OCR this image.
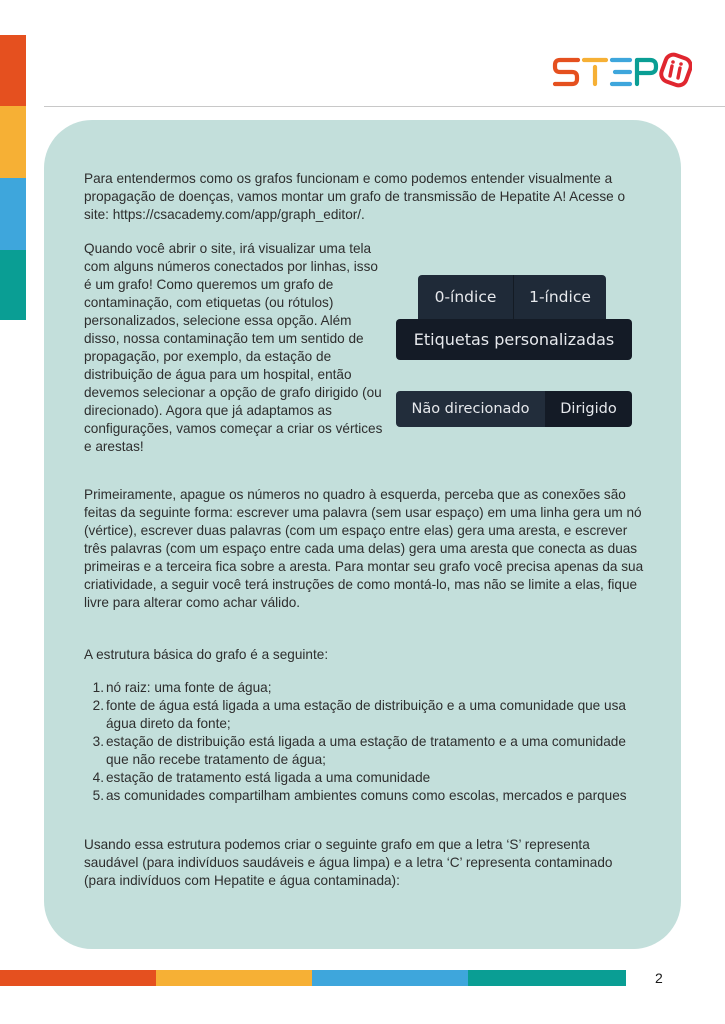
Para entendermos como os grafos funcionam e como podemos entender visualmente a propagação de doenças, vamos montar um grafo de transmissão de Hepatite A! Acesse o site: https://csacademy.com/app/graph_editor/.

Quando você abrir o site, irá visualizar uma tela com alguns números conectados por linhas, isso é um grafo! Como queremos um grafo de contaminação, com etiquetas (ou rótulos) personalizados, selecione essa opção. Além disso, nossa contaminação tem um sentido de propagação, por exemplo, da estação de distribuição de água para um hospital, então devemos selecionar a opção de grafo dirigido (ou direcionado). Agora que já adaptamos as configurações, vamos começar a criar os vértices e arestas!

0-índice	1-índice
Etiquetas personalizadas
Não direcionado	Dirigido

Primeiramente, apague os números no quadro à esquerda, perceba que as conexões são feitas da seguinte forma: escrever uma palavra (sem usar espaço) em uma linha gera um nó (vértice), escrever duas palavras (com um espaço entre elas) gera uma aresta, e escrever três palavras (com um espaço entre cada uma delas) gera uma aresta que conecta as duas primeiras e a terceira fica sobre a aresta. Para montar seu grafo você precisa apenas da sua criatividade, a seguir você terá instruções de como montá-lo, mas não se limite a elas, fique livre para alterar como achar válido.

A estrutura básica do grafo é a seguinte:

1. nó raiz: uma fonte de água;
2. fonte de água está ligada a uma estação de distribuição e a uma comunidade que usa água direto da fonte;
3. estação de distribuição está ligada a uma estação de tratamento e a uma comunidade que não recebe tratamento de água;
4. estação de tratamento está ligada a uma comunidade
5. as comunidades compartilham ambientes comuns como escolas, mercados e parques

Usando essa estrutura podemos criar o seguinte grafo em que a letra ‘S’ representa saudável (para indivíduos saudáveis e água limpa) e a letra ‘C’ representa contaminado (para indivíduos com Hepatite e água contaminada):

2
